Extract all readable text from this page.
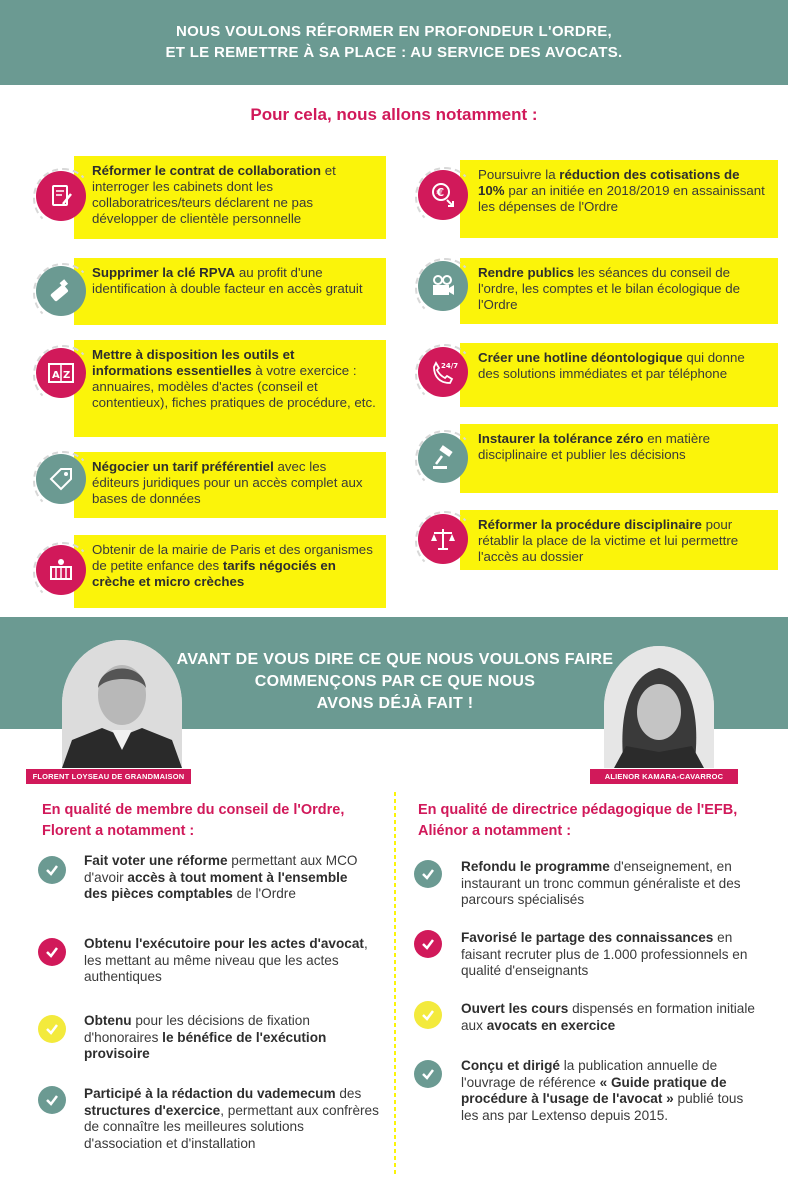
NOUS VOULONS RÉFORMER EN PROFONDEUR L'ORDRE,
ET LE REMETTRE À SA PLACE : AU SERVICE DES AVOCATS.
Pour cela, nous allons notamment :
Réformer le contrat de collaboration et interroger les cabinets dont les collaboratrices/teurs déclarent ne pas développer de clientèle personnelle
Supprimer la clé RPVA au profit d'une identification à double facteur en accès gratuit
Mettre à disposition les outils et informations essentielles à votre exercice : annuaires, modèles d'actes (conseil et contentieux), fiches pratiques de procédure, etc.
A Z
Négocier un tarif préférentiel avec les éditeurs juridiques pour un accès complet aux bases de données
Obtenir de la mairie de Paris et des organismes de petite enfance des tarifs négociés en crèche et micro crèches
Poursuivre la réduction des cotisations de 10% par an initiée en 2018/2019 en assainissant les dépenses de l'Ordre
€
Rendre publics les séances du conseil de l'ordre, les comptes et le bilan écologique de l'Ordre
Créer une hotline déontologique qui donne des solutions immédiates et par téléphone
24/7
Instaurer la tolérance zéro en matière disciplinaire et publier les décisions
Réformer la procédure disciplinaire pour rétablir la place de la victime et lui permettre l'accès au dossier
AVANT DE VOUS DIRE CE QUE NOUS VOULONS FAIRE
COMMENÇONS PAR CE QUE NOUS
AVONS DÉJÀ FAIT !
FLORENT LOYSEAU DE GRANDMAISON	ALIENOR KAMARA-CAVARROC
En qualité de membre du conseil de l'Ordre,
Florent a notamment :
Fait voter une réforme permettant aux MCO d'avoir accès à tout moment à l'ensemble des pièces comptables de l'Ordre
Obtenu l'exécutoire pour les actes d'avocat, les mettant au même niveau que les actes authentiques
Obtenu pour les décisions de fixation d'honoraires le bénéfice de l'exécution provisoire
Participé à la rédaction du vademecum des structures d'exercice, permettant aux confrères de connaître les meilleures solutions d'association et d'installation
En qualité de directrice pédagogique de l'EFB,
Aliénor a notamment :
Refondu le programme d'enseignement, en instaurant un tronc commun généraliste et des parcours spécialisés
Favorisé le partage des connaissances en faisant recruter plus de 1.000 professionnels en qualité d'enseignants
Ouvert les cours dispensés en formation initiale aux avocats en exercice
Conçu et dirigé la publication annuelle de l'ouvrage de référence « Guide pratique de procédure à l'usage de l'avocat » publié tous les ans par Lextenso depuis 2015.
